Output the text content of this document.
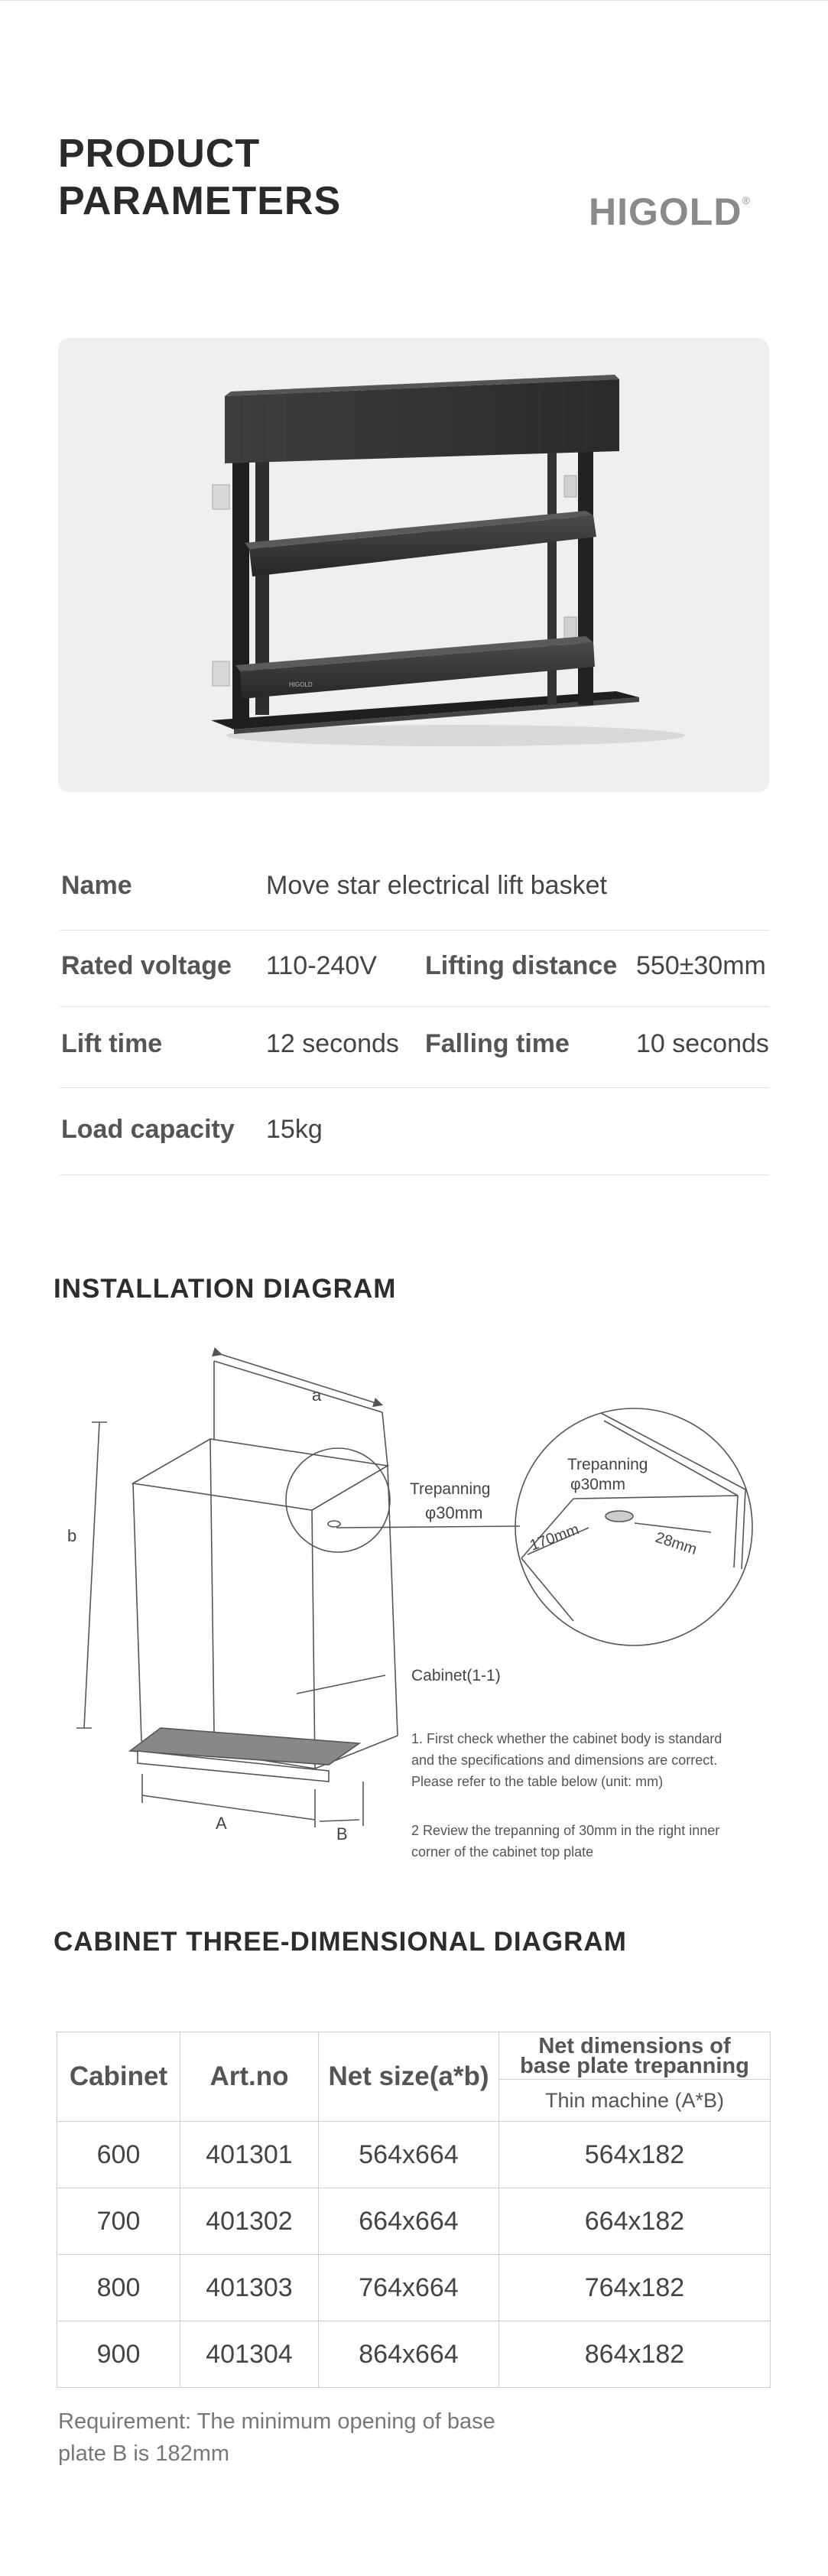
PRODUCT
PARAMETERS	HIGOLD®
HIGOLD
Name	Move star electrical lift basket
Rated voltage 110-240V Lifting distance 550±30mm
Lift time	12 seconds Falling time	10 seconds
Load capacity 15kg
INSTALLATION DIAGRAM
a
b
A
B
Trepanning
φ30mm
Trepanning
φ30mm
170mm	28mm
Cabinet(1-1)
1. First check whether the cabinet body is standard
and the specifications and dimensions are correct.
Please refer to the table below (unit: mm)
2 Review the trepanning of 30mm in the right inner
corner of the cabinet top plate
CABINET THREE-DIMENSIONAL DIAGRAM
Cabinet	Art.no	Net size(a*b)	Net dimensions of
base plate trepanning

			Thin machine (A*B)
600	401301	564x664	564x182
700	401302	664x664	664x182
800	401303	764x664	764x182
900	401304	864x664	864x182
Requirement: The minimum opening of base
plate B is 182mm
